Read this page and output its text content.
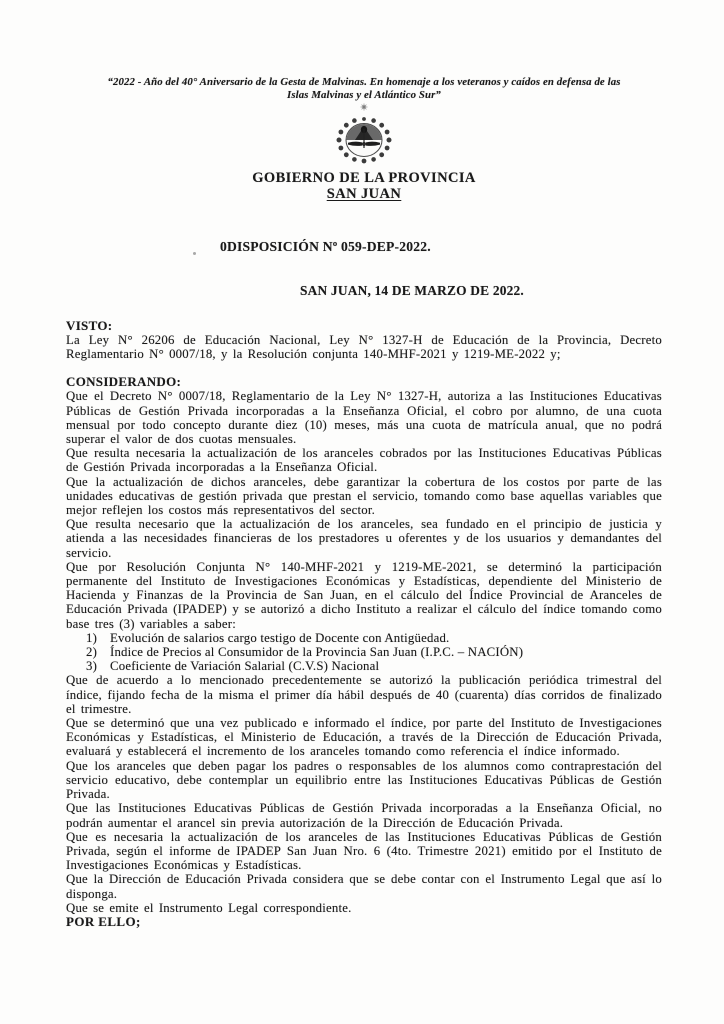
“2022 - Año del 40° Aniversario de la Gesta de Malvinas. En homenaje a los veteranos y caídos en defensa de las
Islas Malvinas y el Atlántico Sur”
GOBIERNO DE LA PROVINCIA
SAN JUAN
0DISPOSICIÓN Nº 059-DEP-2022.
SAN JUAN, 14 DE MARZO DE 2022.
VISTO:

La Ley N° 26206 de Educación Nacional, Ley N° 1327-H de Educación de la Provincia, Decreto Reglamentario N° 0007/18, y la Resolución conjunta 140-MHF-2021 y 1219-ME-2022 y;

CONSIDERANDO:

Que el Decreto N° 0007/18, Reglamentario de la Ley N° 1327-H, autoriza a las Instituciones Educativas Públicas de Gestión Privada incorporadas a la Enseñanza Oficial, el cobro por alumno, de una cuota mensual por todo concepto durante diez (10) meses, más una cuota de matrícula anual, que no podrá superar el valor de dos cuotas mensuales.

Que resulta necesaria la actualización de los aranceles cobrados por las Instituciones Educativas Públicas de Gestión Privada incorporadas a la Enseñanza Oficial.

Que la actualización de dichos aranceles, debe garantizar la cobertura de los costos por parte de las unidades educativas de gestión privada que prestan el servicio, tomando como base aquellas variables que mejor reflejen los costos más representativos del sector.

Que resulta necesario que la actualización de los aranceles, sea fundado en el principio de justicia y atienda a las necesidades financieras de los prestadores u oferentes y de los usuarios y demandantes del servicio.

Que por Resolución Conjunta N° 140-MHF-2021 y 1219-ME-2021, se determinó la participación permanente del Instituto de Investigaciones Económicas y Estadísticas, dependiente del Ministerio de Hacienda y Finanzas de la Provincia de San Juan, en el cálculo del Índice Provincial de Aranceles de Educación Privada (IPADEP) y se autorizó a dicho Instituto a realizar el cálculo del índice tomando como base tres (3) variables a saber:

1)	Evolución de salarios cargo testigo de Docente con Antigüedad.
2)	Índice de Precios al Consumidor de la Provincia San Juan (I.P.C. – NACIÓN)
3)	Coeficiente de Variación Salarial (C.V.S) Nacional

Que de acuerdo a lo mencionado precedentemente se autorizó la publicación periódica trimestral del índice, fijando fecha de la misma el primer día hábil después de 40 (cuarenta) días corridos de finalizado el trimestre.

Que se determinó que una vez publicado e informado el índice, por parte del Instituto de Investigaciones Económicas y Estadísticas, el Ministerio de Educación, a través de la Dirección de Educación Privada, evaluará y establecerá el incremento de los aranceles tomando como referencia el índice informado.

Que los aranceles que deben pagar los padres o responsables de los alumnos como contraprestación del servicio educativo, debe contemplar un equilibrio entre las Instituciones Educativas Públicas de Gestión Privada.

Que las Instituciones Educativas Públicas de Gestión Privada incorporadas a la Enseñanza Oficial, no podrán aumentar el arancel sin previa autorización de la Dirección de Educación Privada.

Que es necesaria la actualización de los aranceles de las Instituciones Educativas Públicas de Gestión Privada, según el informe de IPADEP San Juan Nro. 6 (4to. Trimestre 2021) emitido por el Instituto de Investigaciones Económicas y Estadísticas.

Que la Dirección de Educación Privada considera que se debe contar con el Instrumento Legal que así lo disponga.

Que se emite el Instrumento Legal correspondiente.

POR ELLO;
